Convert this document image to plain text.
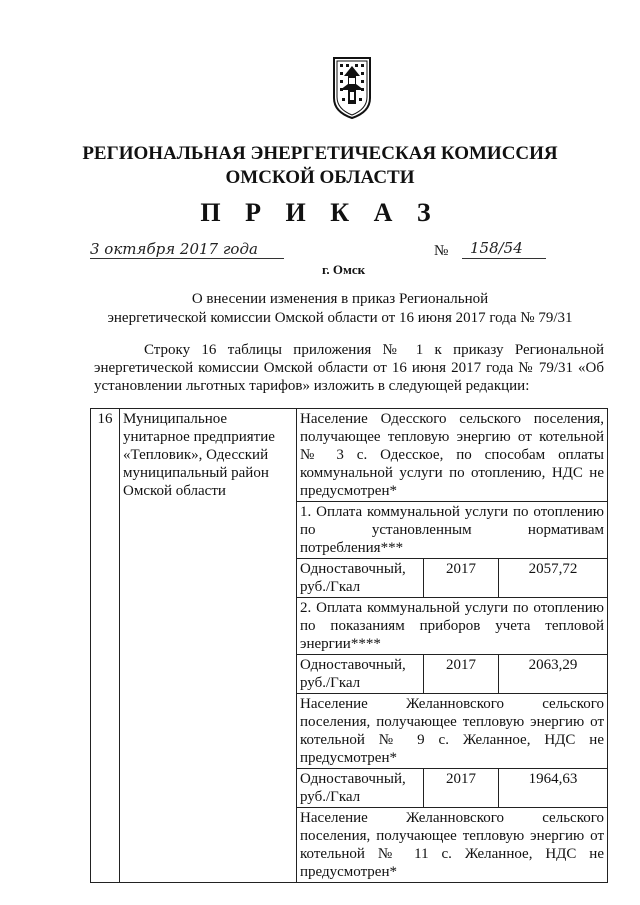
РЕГИОНАЛЬНАЯ ЭНЕРГЕТИЧЕСКАЯ КОМИССИЯ
ОМСКОЙ ОБЛАСТИ
П Р И К А З
3 октября 2017 года	№ 158/54
г. Омск
О внесении изменения в приказ Региональной
энергетической комиссии Омской области от 16 июня 2017 года № 79/31
Строку 16 таблицы приложения № 1 к приказу Региональной энергетической комиссии Омской области от 16 июня 2017 года № 79/31 «Об установлении льготных тарифов» изложить в следующей редакции:
16	Муниципальное унитарное предприятие «Тепловик», Одесский муниципальный район Омской области	Население Одесского сельского поселения, получающее тепловую энергию от котельной № 3 с. Одесское, по способам оплаты коммунальной услуги по отоплению, НДС не предусмотрен*		
		1. Оплата коммунальной услуги по отоплению по установленным нормативам потребления***		
		Одноставочный, руб./Гкал	2017	2057,72
		2. Оплата коммунальной услуги по отоплению по показаниям приборов учета тепловой энергии****		
		Одноставочный, руб./Гкал	2017	2063,29
		Население Желанновского сельского поселения, получающее тепловую энергию от котельной № 9 с. Желанное, НДС не предусмотрен*		
		Одноставочный, руб./Гкал	2017	1964,63
		Население Желанновского сельского поселения, получающее тепловую энергию от котельной № 11 с. Желанное, НДС не предусмотрен*		
